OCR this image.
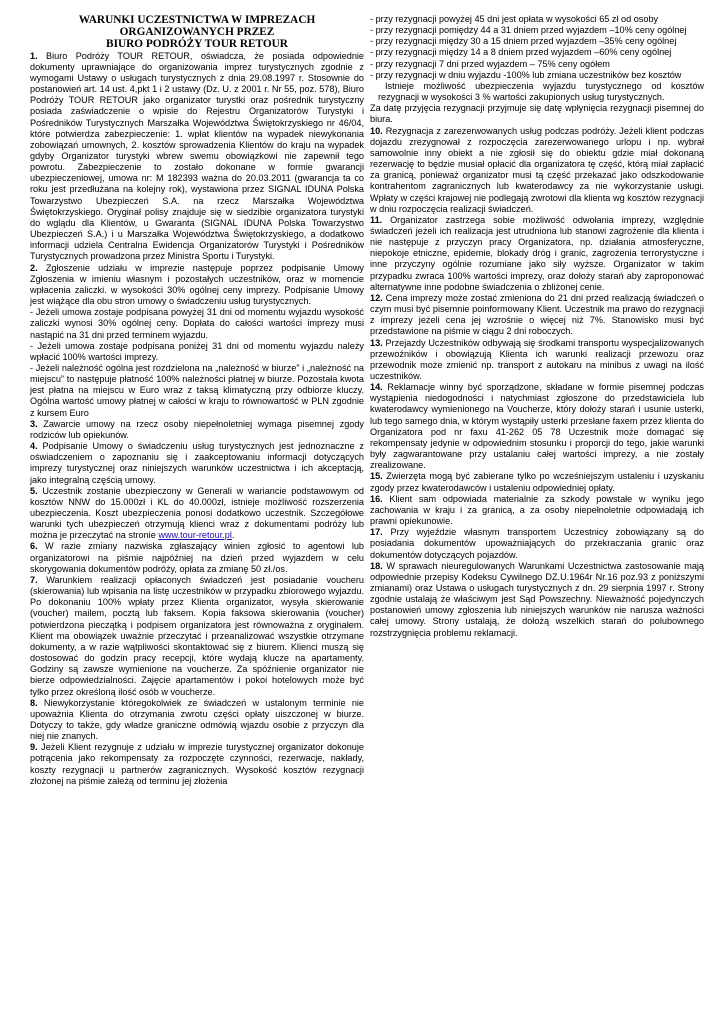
WARUNKI UCZESTNICTWA W IMPREZACH
ORGANIZOWANYCH PRZEZ
BIURO PODRÓŻY TOUR RETOUR

1. Biuro Podróży TOUR RETOUR, oświadcza, że posiada odpowiednie dokumenty uprawniające do organizowania imprez turystycznych zgodnie z wymogami Ustawy o usługach turystycznych z dnia 29.08.1997 r. Stosownie do postanowień art. 14 ust. 4,pkt 1 i 2 ustawy (Dz. U. z 2001 r. Nr 55, poz. 578), Biuro Podróży TOUR RETOUR jako organizator turystki oraz pośrednik turystyczny posiada zaświadczenie o wpisie do Rejestru Organizatorów Turystyki i Pośredników Turystycznych Marszałka Województwa Świętokrzyskiego nr 46/04, które potwierdza zabezpieczenie: 1. wpłat klientów na wypadek niewykonania zobowiązań umownych, 2. kosztów sprowadzenia Klientów do kraju na wypadek gdyby Organizator turystyki wbrew swemu obowiązkowi nie zapewnił tego powrotu. Zabezpieczenie to zostało dokonane w formie gwarancji ubezpieczeniowej, umowa nr: M 182393 ważna do 20.03.2011 (gwarancja ta co roku jest przedłużana na kolejny rok), wystawiona przez SIGNAL IDUNA Polska Towarzystwo Ubezpieczeń S.A. na rzecz Marszałka Województwa Świętokrzyskiego. Oryginał polisy znajduje się w siedzibie organizatora turystyki do wglądu dla Klientów, u Gwaranta (SIGNAL IDUNA Polska Towarzystwo Ubezpieczeń S.A.) i u Marszałka Województwa Świętokrzyskiego, a dodatkowo informacji udziela Centralna Ewidencja Organizatorów Turystyki i Pośredników Turystycznych prowadzona przez Ministra Sportu i Turystyki.

2. Zgłoszenie udziału w imprezie następuje poprzez podpisanie Umowy Zgłoszenia w imieniu własnym i pozostałych uczestników, oraz w momencie wpłacenia zaliczki. w wysokości 30% ogólnej ceny imprezy. Podpisanie Umowy jest wiążące dla obu stron umowy o świadczeniu usług turystycznych.

- Jeżeli umowa zostaje podpisana powyżej 31 dni od momentu wyjazdu wysokość zaliczki wynosi 30% ogólnej ceny. Dopłata do całości wartości imprezy musi nastąpić na 31 dni przed terminem wyjazdu.

- Jeżeli umowa zostaje podpisana poniżej 31 dni od momentu wyjazdu należy wpłacić 100% wartości imprezy.

- Jeżeli należność ogólna jest rozdzielona na „należność w biurze” i „należność na miejscu” to następuje płatność 100% należności płatnej w biurze. Pozostała kwota jest płatna na miejscu w Euro wraz z taksą klimatyczną przy odbiorze kluczy. Ogólna wartość umowy płatnej w całości w kraju to równowartość w PLN zgodnie z kursem Euro

3. Zawarcie umowy na rzecz osoby niepełnoletniej wymaga pisemnej zgody rodziców lub opiekunów.

4. Podpisanie Umowy o świadczeniu usług turystycznych jest jednoznaczne z oświadczeniem o zapoznaniu się i zaakceptowaniu informacji dotyczących imprezy turystycznej oraz niniejszych warunków uczestnictwa i ich akceptacją, jako integralną częścią umowy.

5. Uczestnik zostanie ubezpieczony w Generali w wariancie podstawowym od kosztów NNW do 15.000zł i KL do 40.000zł, istnieje możliwość rozszerzenia ubezpieczenia. Koszt ubezpieczenia ponosi dodatkowo uczestnik. Szczegółowe warunki tych ubezpieczeń otrzymują klienci wraz z dokumentami podróży lub można je przeczytać na stronie www.tour-retour.pl.

6. W razie zmiany nazwiska zgłaszający winien zgłosić to agentowi lub organizatorowi na piśmie najpóźniej na dzień przed wyjazdem w celu skorygowania dokumentów podróży, opłata za zmianę 50 zł./os.

7. Warunkiem realizacji opłaconych świadczeń jest posiadanie voucheru (skierowania) lub wpisania na listę uczestników w przypadku zbiorowego wyjazdu. Po dokonaniu 100% wpłaty przez Klienta organizator, wysyła skierowanie (voucher) mailem, pocztą lub faksem. Kopia faksowa skierowania (voucher) potwierdzona pieczątką i podpisem organizatora jest równoważna z oryginałem. Klient ma obowiązek uważnie przeczytać i przeanalizować wszystkie otrzymane dokumenty, a w razie wątpliwości skontaktować się z biurem. Klienci muszą się dostosować do godzin pracy recepcji, które wydają klucze na apartamenty. Godziny są zawsze wymienione na voucherze. Za spóźnienie organizator nie bierze odpowiedzialności. Zajęcie apartamentów i pokoi hotelowych może być tylko przez określoną ilość osób w voucherze.

8. Niewykorzystanie któregokolwiek ze świadczeń w ustalonym terminie nie upoważnia Klienta do otrzymania zwrotu części opłaty uiszczonej w biurze. Dotyczy to także, gdy władze graniczne odmówią wjazdu osobie z przyczyn dla niej nie znanych.

9. Jeżeli Klient rezygnuje z udziału w imprezie turystycznej organizator dokonuje potrącenia jako rekompensaty za rozpoczęte czynności, rezerwacje, nakłady, koszty rezygnacji u partnerów zagranicznych. Wysokość kosztów rezygnacji złożonej na piśmie zależą od terminu jej złożenia

- przy rezygnacji powyżej 45 dni jest opłata w wysokości 65 zł od osoby

- przy rezygnacji pomiędzy 44 a 31 dniem przed wyjazdem –10% ceny ogólnej

- przy rezygnacji między 30 a 15 dniem przed wyjazdem –35% ceny ogólnej

- przy rezygnacji między 14 a 8 dniem przed wyjazdem –60% ceny ogólnej

- przy rezygnacji 7 dni przed wyjazdem – 75% ceny ogółem

- przy rezygnacji w dniu wyjazdu -100% lub zmiana uczestników bez kosztów

Istnieje możliwość ubezpieczenia wyjazdu turystycznego od kosztów rezygnacji w wysokości 3 % wartości zakupionych usług turystycznych.

Za datę przyjęcia rezygnacji przyjmuje się datę wpłynięcia rezygnacji pisemnej do biura.

10. Rezygnacja z zarezerwowanych usług podczas podróży. Jeżeli klient podczas dojazdu zrezygnował z rozpoczęcia zarezerwowanego urlopu i np. wybrał samowolnie inny obiekt a nie zgłosił się do obiektu gdzie miał dokonaną rezerwację to będzie musiał opłacić dla organizatora tę część, którą miał zapłacić za granicą, ponieważ organizator musi tą część przekazać jako odszkodowanie kontrahentom zagranicznych lub kwaterodawcy za nie wykorzystanie usługi. Wpłaty w części krajowej nie podlegają zwrotowi dla klienta wg kosztów rezygnacji w dniu rozpoczęcia realizacji świadczeń.

11. Organizator zastrzega sobie możliwość odwołania imprezy, względnie świadczeń jeżeli ich realizacja jest utrudniona lub stanowi zagrożenie dla klienta i nie następuje z przyczyn pracy Organizatora, np. działania atmosferyczne, niepokoje etniczne, epidemie, blokady dróg i granic, zagrożenia terrorystyczne i inne przyczyny ogólnie rozumiane jako siły wyższe. Organizator w takim przypadku zwraca 100% wartości imprezy, oraz dołoży starań aby zaproponować alternatywne inne podobne świadczenia o zbliżonej cenie.

12. Cena imprezy może zostać zmieniona do 21 dni przed realizacją świadczeń o czym musi być pisemnie poinformowany Klient. Uczestnik ma prawo do rezygnacji z imprezy jeżeli cena jej wzrośnie o więcej niż 7%. Stanowisko musi być przedstawione na piśmie w ciągu 2 dni roboczych.

13. Przejazdy Uczestników odbywają się środkami transportu wyspecjalizowanych przewoźników i obowiązują Klienta ich warunki realizacji przewozu oraz przewodnik może zmienić np. transport z autokaru na minibus z uwagi na ilość uczestników.

14. Reklamacje winny być sporządzone, składane w formie pisemnej podczas wystąpienia niedogodności i natychmiast zgłoszone do przedstawiciela lub kwaterodawcy wymienionego na Voucherze, który dołoży starań i usunie usterki, lub tego samego dnia, w którym wystąpiły usterki przesłane faxem przez klienta do Organizatora pod nr faxu 41-262 05 78 Uczestnik może domagać się rekompensaty jedynie w odpowiednim stosunku i proporcji do tego, jakie warunki były zagwarantowane przy ustalaniu całej wartości imprezy, a nie zostały zrealizowane.

15. Zwierzęta mogą być zabierane tylko po wcześniejszym ustaleniu i uzyskaniu zgody przez kwaterodawców i ustaleniu odpowiedniej opłaty.

16. Klient sam odpowiada materialnie za szkody powstałe w wyniku jego zachowania w kraju i za granicą, a za osoby niepełnoletnie odpowiadają ich prawni opiekunowie.

17. Przy wyjeździe własnym transportem Uczestnicy zobowiązany są do posiadania dokumentów upoważniających do przekraczania granic oraz dokumentów dotyczących pojazdów.

18. W sprawach nieuregulowanych Warunkami Uczestnictwa zastosowanie mają odpowiednie przepisy Kodeksu Cywilnego DZ.U.1964r Nr.16 poz.93 z poniższymi zmianami) oraz Ustawa o usługach turystycznych z dn. 29 sierpnia 1997 r. Strony zgodnie ustalają że właściwym jest Sąd Powszechny. Nieważność pojedynczych postanowień umowy zgłoszenia lub niniejszych warunków nie narusza ważności całej umowy. Strony ustalają, że dołożą wszelkich starań do polubownego rozstrzygnięcia problemu reklamacji.
